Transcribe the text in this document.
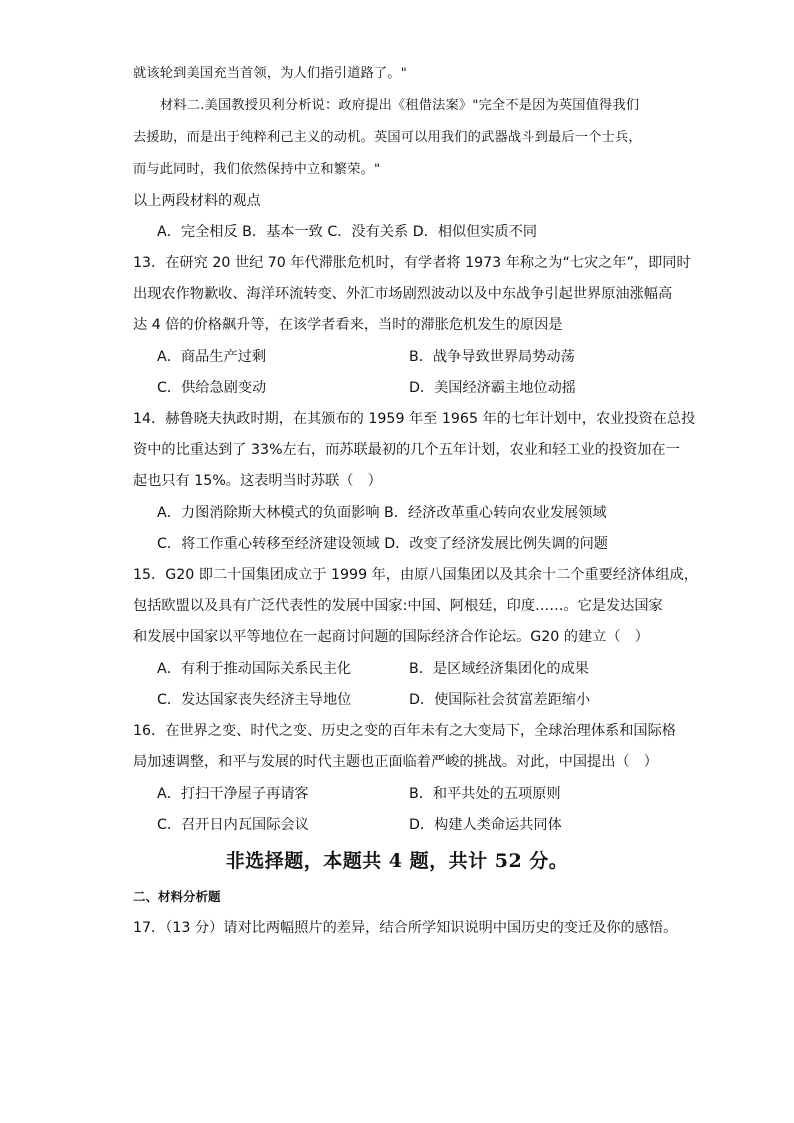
就该轮到美国充当首领，为人们指引道路了。"
材料二.美国教授贝利分析说：政府提出《租借法案》"完全不是因为英国值得我们
去援助，而是出于纯粹利己主义的动机。英国可以用我们的武器战斗到最后一个士兵，
而与此同时，我们依然保持中立和繁荣。"
以上两段材料的观点
A．完全相反 B．基本一致 C．没有关系 D．相似但实质不同
13．在研究 20 世纪 70 年代滞胀危机时，有学者将 1973 年称之为“七灾之年”，即同时
出现农作物歉收、海洋环流转变、外汇市场剧烈波动以及中东战争引起世界原油涨幅高
达 4 倍的价格飙升等，在该学者看来，当时的滞胀危机发生的原因是
A．商品生产过剩	B．战争导致世界局势动荡
C．供给急剧变动	D．美国经济霸主地位动摇
14．赫鲁晓夫执政时期，在其颁布的 1959 年至 1965 年的七年计划中，农业投资在总投
资中的比重达到了 33%左右，而苏联最初的几个五年计划，农业和轻工业的投资加在一
起也只有 15%。这表明当时苏联（　）
A．力图消除斯大林模式的负面影响 B．经济改革重心转向农业发展领域
C．将工作重心转移至经济建设领域 D．改变了经济发展比例失调的问题
15．G20 即二十国集团成立于 1999 年，由原八国集团以及其余十二个重要经济体组成，
包括欧盟以及具有广泛代表性的发展中国家:中国、阿根廷，印度……。它是发达国家
和发展中国家以平等地位在一起商讨问题的国际经济合作论坛。G20 的建立（　）
A．有利于推动国际关系民主化	B．是区域经济集团化的成果
C．发达国家丧失经济主导地位	D．使国际社会贫富差距缩小
16．在世界之变、时代之变、历史之变的百年未有之大变局下，全球治理体系和国际格
局加速调整，和平与发展的时代主题也正面临着严峻的挑战。对此，中国提出（　）
A．打扫干净屋子再请客	B．和平共处的五项原则
C．召开日内瓦国际会议	D．构建人类命运共同体
非选择题，本题共 4 题，共计 52 分。
二、材料分析题
17．（13 分）请对比两幅照片的差异，结合所学知识说明中国历史的变迁及你的感悟。
